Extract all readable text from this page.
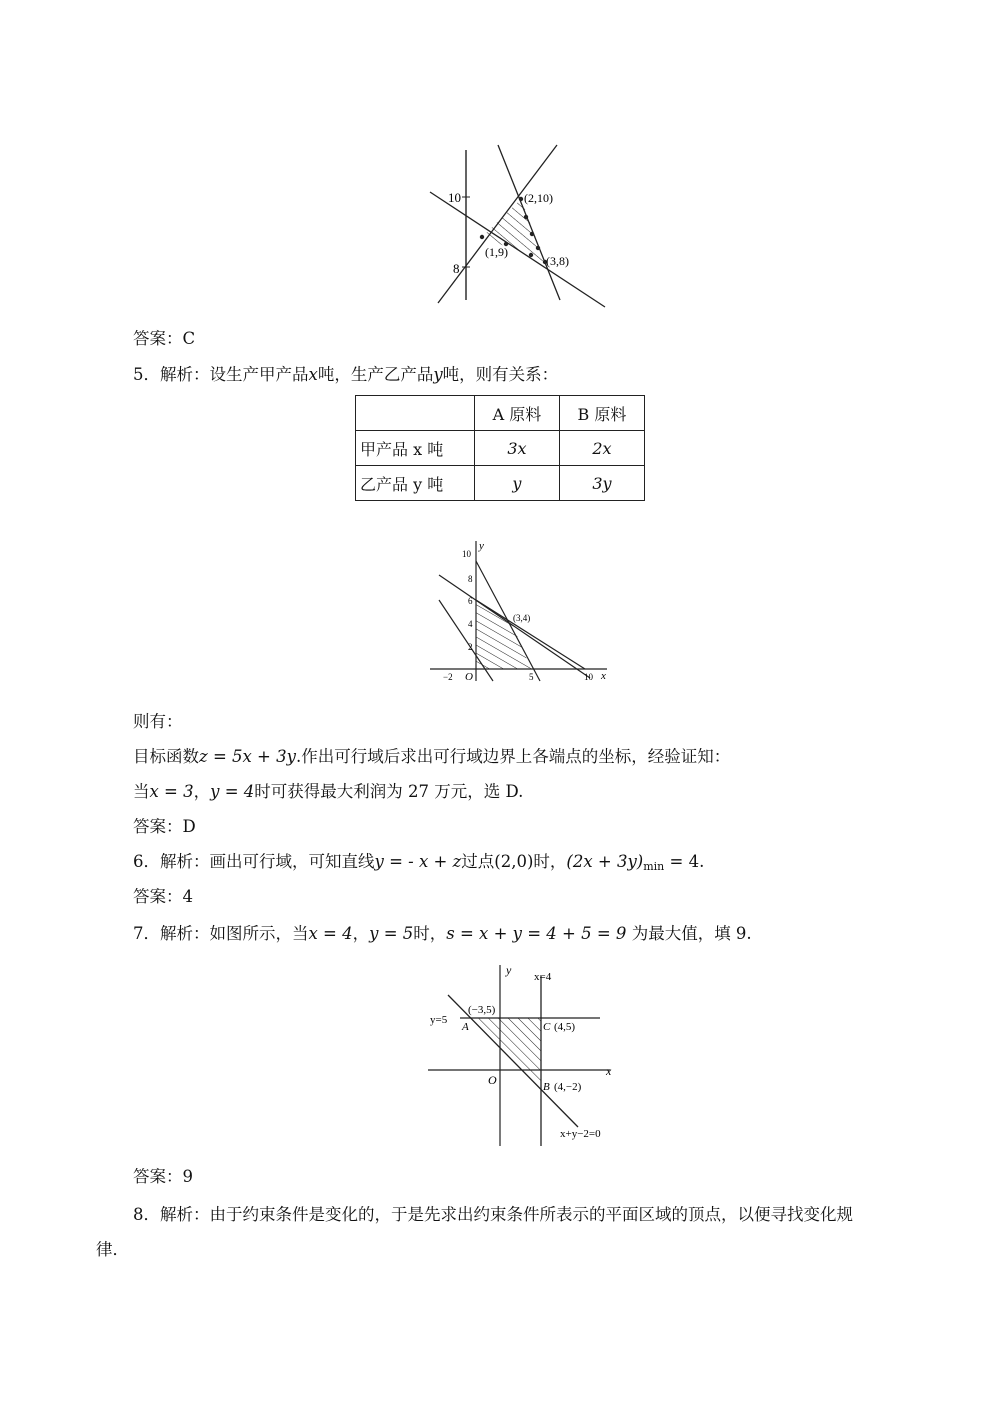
10
8
(2,10)
(1,9)
(3,8)
答案：C
5．解析：设生产甲产品x吨，生产乙产品y吨，则有关系：
	A 原料	B 原料
甲产品 x 吨	3x	2x
乙产品 y 吨	y	3y
y
x
O
10
8
6
4
2
−2	5	10
(3,4)
则有：
目标函数z = 5x + 3y.作出可行域后求出可行域边界上各端点的坐标，经验证知：
当x = 3，y = 4时可获得最大利润为 27 万元，选 D.
答案：D
6．解析：画出可行域，可知直线y = - x + z过点(2,0)时，$(2x + 3y)_{min} = 4$.
答案：4
7．解析：如图所示，当x = 4，y = 5时，s = x + y = 4 + 5 = 9 为最大值，填 9.
y
x
O
x=4
y=5
(−3,5)
A	C (4,5)
B (4,−2)
x+y−2=0
答案：9
8．解析：由于约束条件是变化的，于是先求出约束条件所表示的平面区域的顶点，以便寻找变化规
律．
